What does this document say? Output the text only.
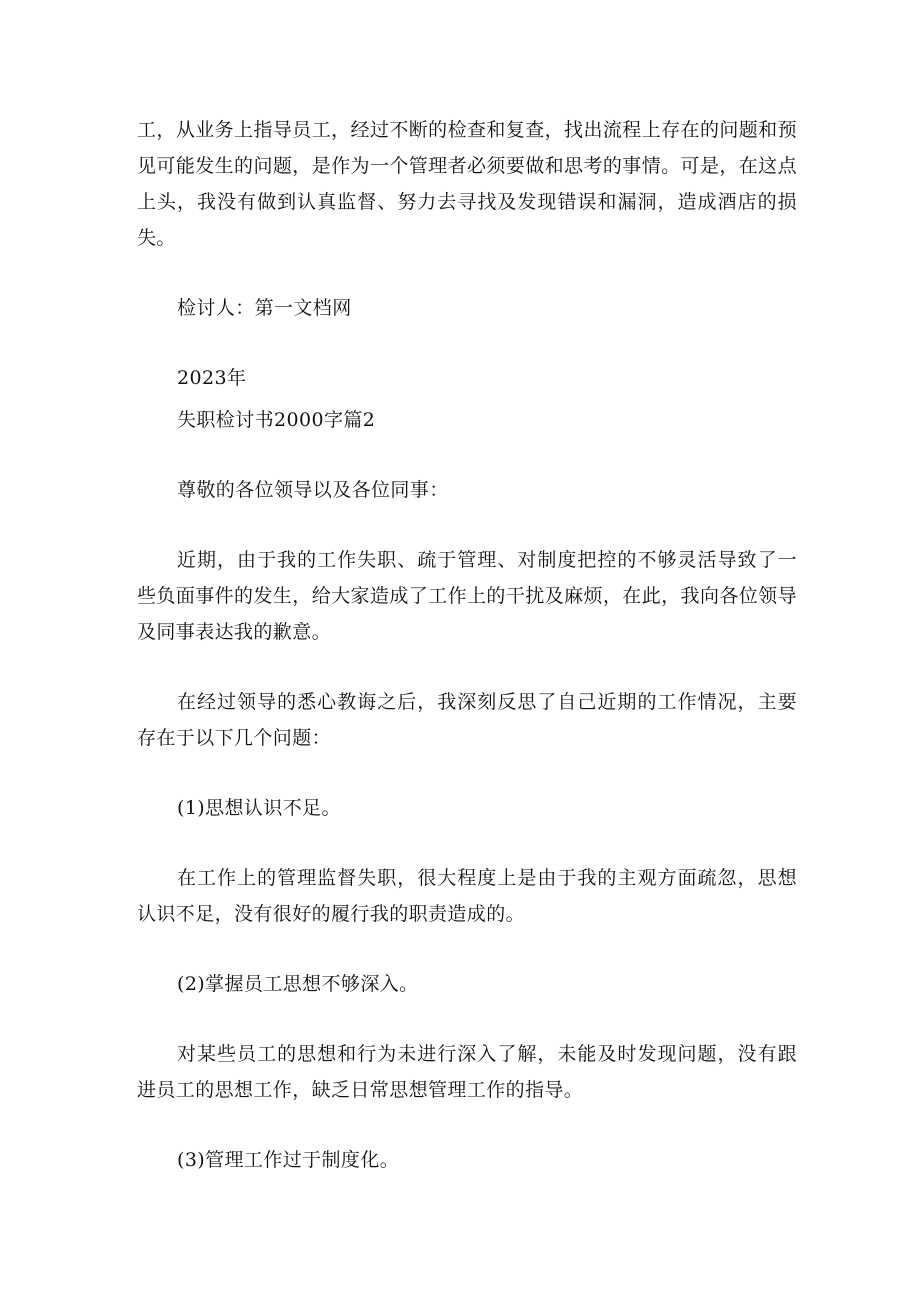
工，从业务上指导员工，经过不断的检查和复查，找出流程上存在的问题和预见可能发生的问题，是作为一个管理者必须要做和思考的事情。可是，在这点上头，我没有做到认真监督、努力去寻找及发现错误和漏洞，造成酒店的损失。

检讨人：第一文档网

2023年

失职检讨书2000字篇2

尊敬的各位领导以及各位同事：

近期，由于我的工作失职、疏于管理、对制度把控的不够灵活导致了一些负面事件的发生，给大家造成了工作上的干扰及麻烦，在此，我向各位领导及同事表达我的歉意。

在经过领导的悉心教诲之后，我深刻反思了自己近期的工作情况，主要存在于以下几个问题：

(1)思想认识不足。

在工作上的管理监督失职，很大程度上是由于我的主观方面疏忽，思想认识不足，没有很好的履行我的职责造成的。

(2)掌握员工思想不够深入。

对某些员工的思想和行为未进行深入了解，未能及时发现问题，没有跟进员工的思想工作，缺乏日常思想管理工作的指导。

(3)管理工作过于制度化。
